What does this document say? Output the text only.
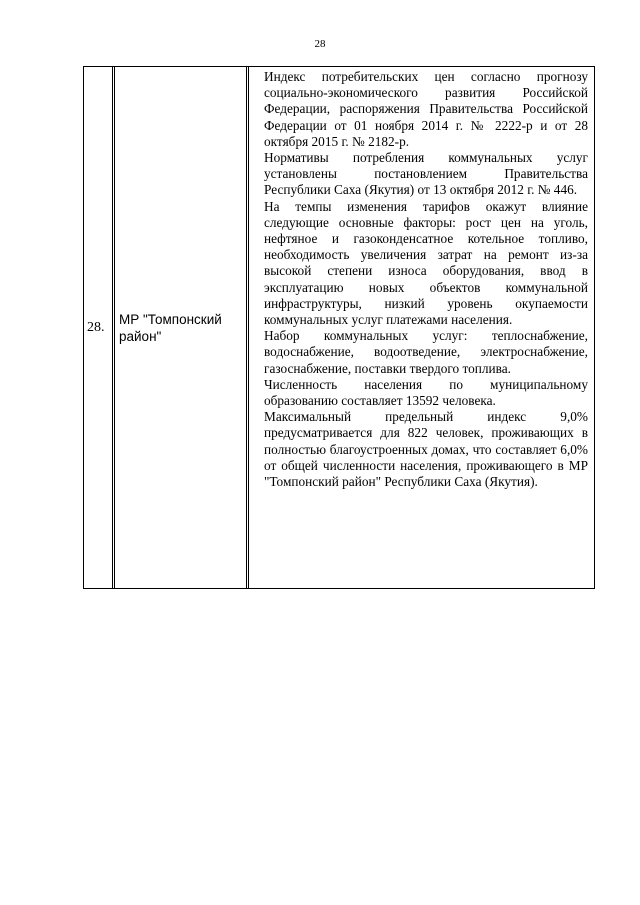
28
28.		МР "Томпонский район"		

Индекс потребительских цен согласно прогнозу социально-экономического развития Российской Федерации, распоряжения Правительства Российской Федерации от 01 ноября 2014 г. № 2222-р и от 28 октября 2015 г. № 2182-р.

Нормативы потребления коммунальных услуг установлены постановлением Правительства Республики Саха (Якутия) от 13 октября 2012 г. № 446.

На темпы изменения тарифов окажут влияние следующие основные факторы: рост цен на уголь, нефтяное и газоконденсатное котельное топливо, необходимость увеличения затрат на ремонт из-за высокой степени износа оборудования, ввод в эксплуатацию новых объектов коммунальной инфраструктуры, низкий уровень окупаемости коммунальных услуг платежами населения.

Набор коммунальных услуг: теплоснабжение, водоснабжение, водоотведение, электроснабжение, газоснабжение, поставки твердого топлива.

Численность населения по муниципальному образованию составляет 13592 человека.

Максимальный предельный индекс 9,0% предусматривается для 822 человек, проживающих в полностью благоустроенных домах, что составляет 6,0% от общей численности населения, проживающего в МР "Томпонский район" Республики Саха (Якутия).
